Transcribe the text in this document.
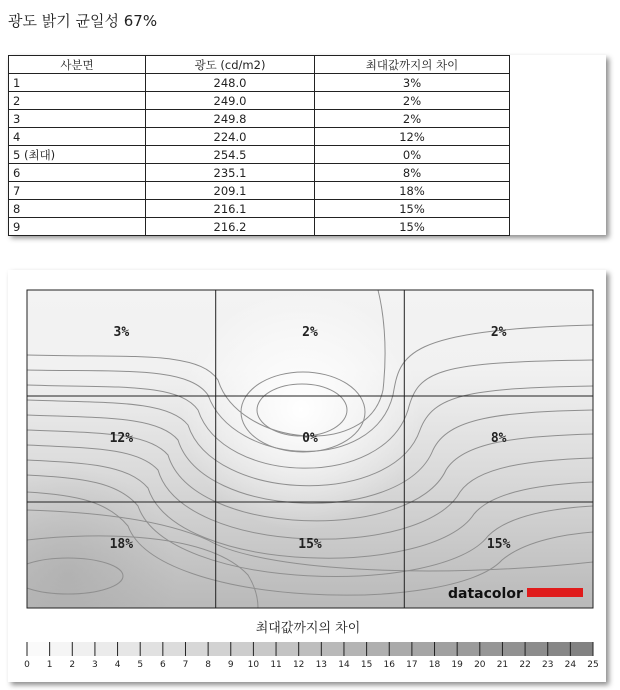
광도 밝기 균일성 67%
사분면	광도 (cd/m2)	최대값까지의 차이
1	248.0	3%
2	249.0	2%
3	249.8	2%
4	224.0	12%
5 (최대)	254.5	0%
6	235.1	8%
7	209.1	18%
8	216.1	15%
9	216.2	15%
3%	2%	2%
12%	0%	8%
18%	15%	15%
datacolor
최대값까지의 차이
0 1 2 3 4 5 6 7 8 9 10 11 12 13 14 15 16 17 18 19 20 21 22 23 24 25
